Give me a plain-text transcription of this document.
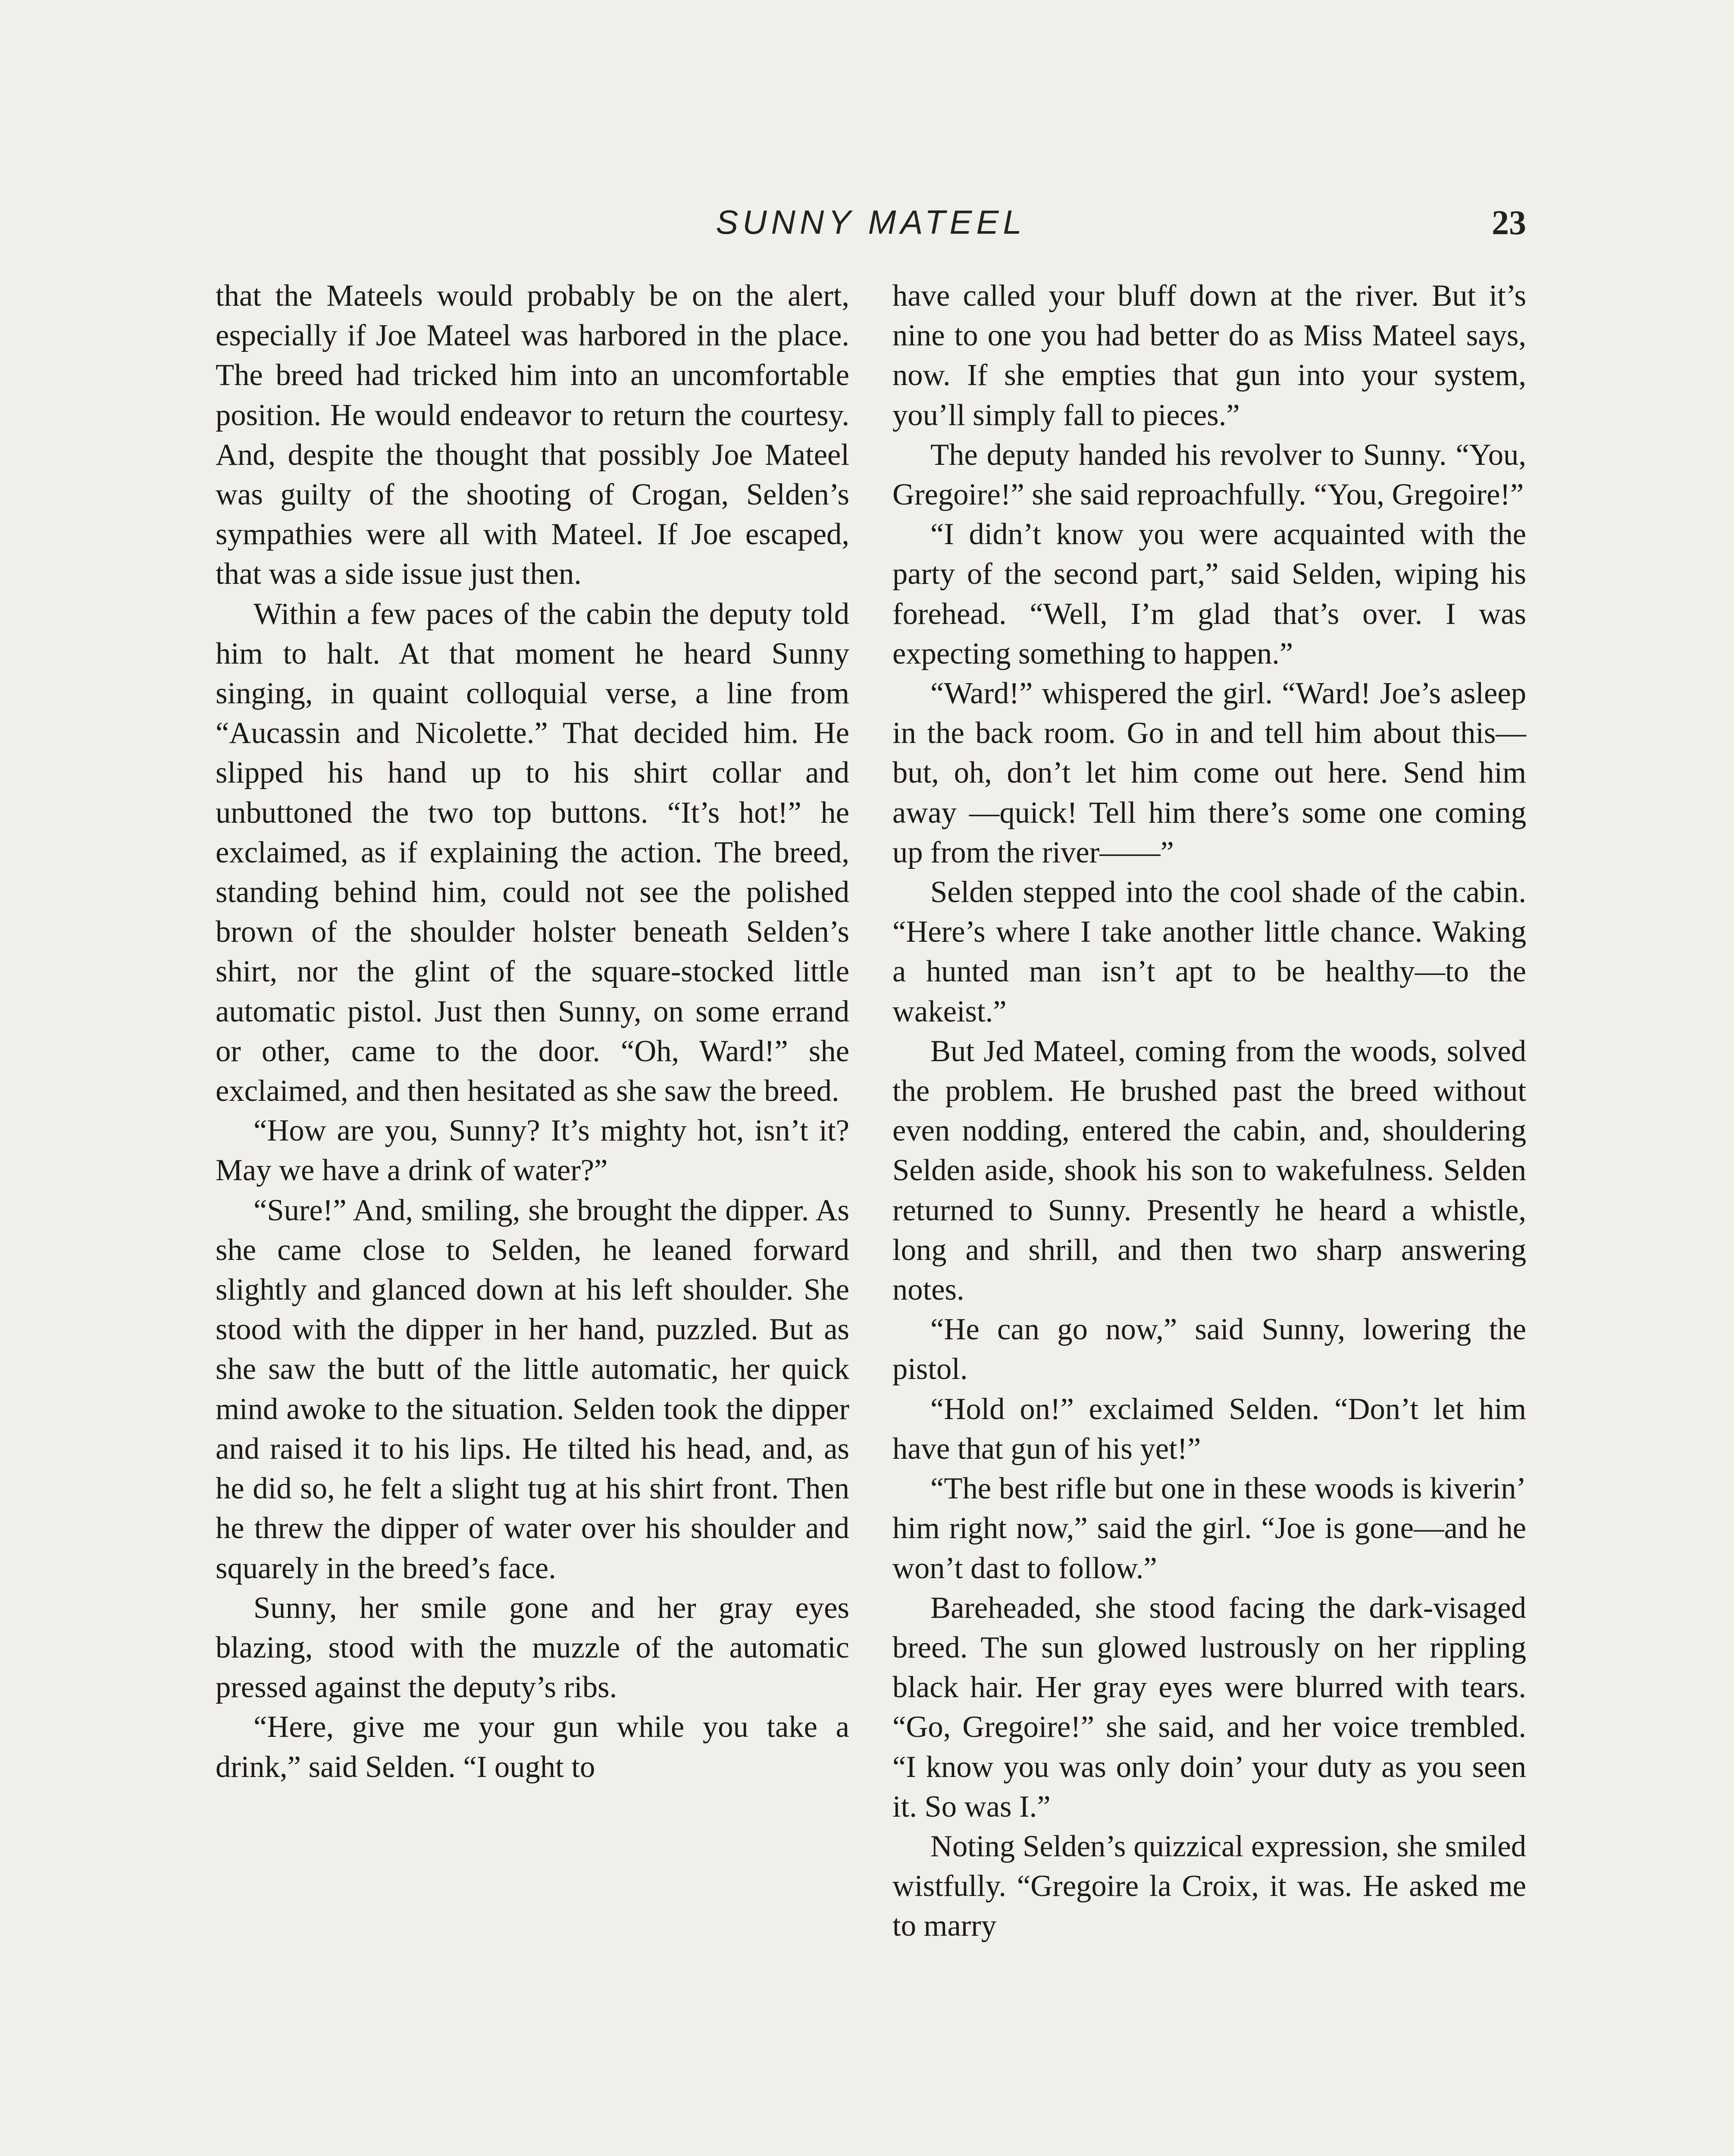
SUNNY MATEEL	23

that the Mateels would probably be on the alert, especially if Joe Mateel was harbored in the place. The breed had tricked him into an uncomfortable position. He would endeavor to return the courtesy. And, despite the thought that possibly Joe Mateel was guilty of the shooting of Crogan, Selden’s sympathies were all with Mateel. If Joe escaped, that was a side issue just then.

Within a few paces of the cabin the deputy told him to halt. At that moment he heard Sunny singing, in quaint colloquial verse, a line from “Aucassin and Nicolette.” That decided him. He slipped his hand up to his shirt collar and unbuttoned the two top buttons. “It’s hot!” he exclaimed, as if explaining the action. The breed, standing behind him, could not see the polished brown of the shoulder holster beneath Selden’s shirt, nor the glint of the square-stocked little automatic pistol. Just then Sunny, on some errand or other, came to the door. “Oh, Ward!” she exclaimed, and then hesitated as she saw the breed.

“How are you, Sunny? It’s mighty hot, isn’t it? May we have a drink of water?”

“Sure!” And, smiling, she brought the dipper. As she came close to Selden, he leaned forward slightly and glanced down at his left shoulder. She stood with the dipper in her hand, puzzled. But as she saw the butt of the little automatic, her quick mind awoke to the situation. Selden took the dipper and raised it to his lips. He tilted his head, and, as he did so, he felt a slight tug at his shirt front. Then he threw the dipper of water over his shoulder and squarely in the breed’s face.

Sunny, her smile gone and her gray eyes blazing, stood with the muzzle of the automatic pressed against the deputy’s ribs.

“Here, give me your gun while you take a drink,” said Selden. “I ought to

have called your bluff down at the river. But it’s nine to one you had better do as Miss Mateel says, now. If she empties that gun into your system, you’ll simply fall to pieces.”

The deputy handed his revolver to Sunny. “You, Gregoire!” she said reproachfully. “You, Gregoire!”

“I didn’t know you were acquainted with the party of the second part,” said Selden, wiping his forehead. “Well, I’m glad that’s over. I was expecting something to happen.”

“Ward!” whispered the girl. “Ward! Joe’s asleep in the back room. Go in and tell him about this—but, oh, don’t let him come out here. Send him away —quick! Tell him there’s some one coming up from the river——”

Selden stepped into the cool shade of the cabin. “Here’s where I take another little chance. Waking a hunted man isn’t apt to be healthy—to the wakeist.”

But Jed Mateel, coming from the woods, solved the problem. He brushed past the breed without even nodding, entered the cabin, and, shouldering Selden aside, shook his son to wakefulness. Selden returned to Sunny. Presently he heard a whistle, long and shrill, and then two sharp answering notes.

“He can go now,” said Sunny, lowering the pistol.

“Hold on!” exclaimed Selden. “Don’t let him have that gun of his yet!”

“The best rifle but one in these woods is kiverin’ him right now,” said the girl. “Joe is gone—and he won’t dast to follow.”

Bareheaded, she stood facing the dark-visaged breed. The sun glowed lustrously on her rippling black hair. Her gray eyes were blurred with tears. “Go, Gregoire!” she said, and her voice trembled. “I know you was only doin’ your duty as you seen it. So was I.”

Noting Selden’s quizzical expression, she smiled wistfully. “Gregoire la Croix, it was. He asked me to marry
